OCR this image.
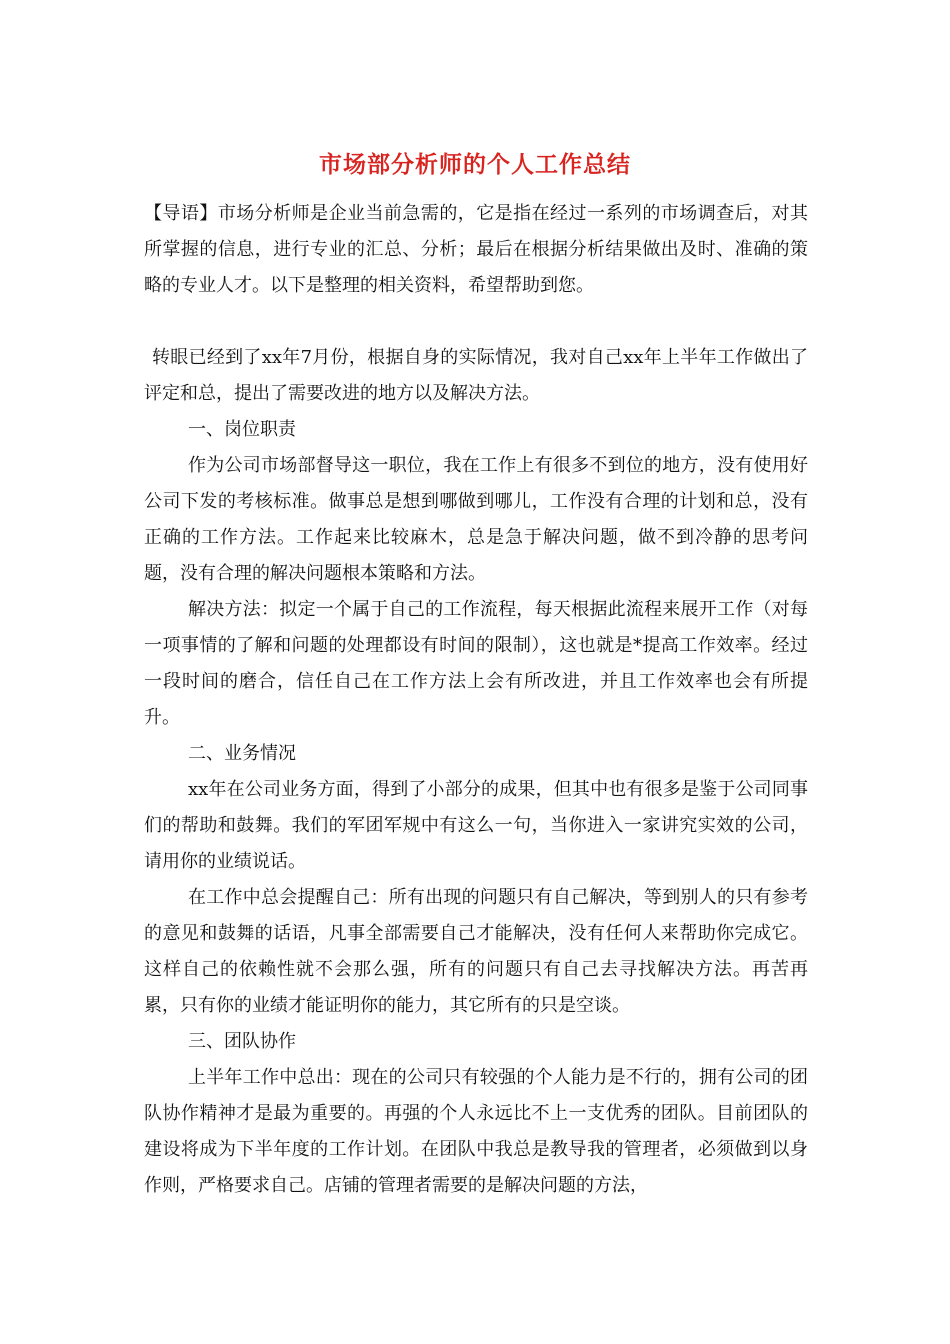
市场部分析师的个人工作总结

【导语】市场分析师是企业当前急需的，它是指在经过一系列的市场调查后，对其所掌握的信息，进行专业的汇总、分析；最后在根据分析结果做出及时、准确的策略的专业人才。以下是整理的相关资料，希望帮助到您。

转眼已经到了xx年7月份，根据自身的实际情况，我对自己xx年上半年工作做出了评定和总，提出了需要改进的地方以及解决方法。

一、岗位职责

作为公司市场部督导这一职位，我在工作上有很多不到位的地方，没有使用好公司下发的考核标准。做事总是想到哪做到哪儿，工作没有合理的计划和总，没有正确的工作方法。工作起来比较麻木，总是急于解决问题，做不到冷静的思考问题，没有合理的解决问题根本策略和方法。

解决方法：拟定一个属于自己的工作流程，每天根据此流程来展开工作（对每一项事情的了解和问题的处理都设有时间的限制），这也就是*提高工作效率。经过一段时间的磨合，信任自己在工作方法上会有所改进，并且工作效率也会有所提升。

二、业务情况

xx年在公司业务方面，得到了小部分的成果，但其中也有很多是鉴于公司同事们的帮助和鼓舞。我们的军团军规中有这么一句，当你进入一家讲究实效的公司，请用你的业绩说话。

在工作中总会提醒自己：所有出现的问题只有自己解决，等到别人的只有参考的意见和鼓舞的话语，凡事全部需要自己才能解决，没有任何人来帮助你完成它。这样自己的依赖性就不会那么强，所有的问题只有自己去寻找解决方法。再苦再累，只有你的业绩才能证明你的能力，其它所有的只是空谈。

三、团队协作

上半年工作中总出：现在的公司只有较强的个人能力是不行的，拥有公司的团队协作精神才是最为重要的。再强的个人永远比不上一支优秀的团队。目前团队的建设将成为下半年度的工作计划。在团队中我总是教导我的管理者，必须做到以身作则，严格要求自己。店铺的管理者需要的是解决问题的方法，
